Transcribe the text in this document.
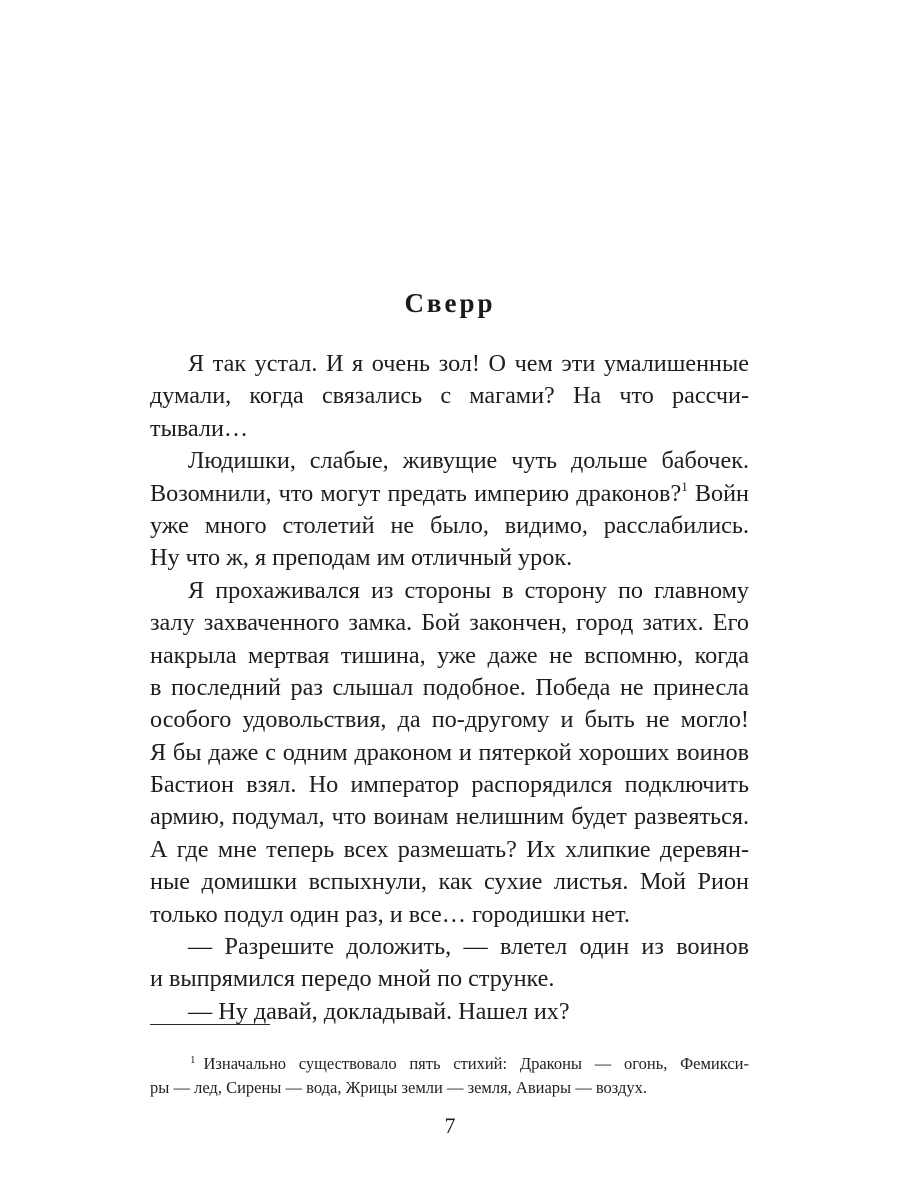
Сверр
Я так устал. И я очень зол! О чем эти умалишенные
думали, когда связались с магами? На что рассчи-
тывали…
Людишки, слабые, живущие чуть дольше бабочек.
Возомнили, что могут предать империю драконов?$^1$ Войн
уже много столетий не было, видимо, расслабились.
Ну что ж, я преподам им отличный урок.
Я прохаживался из стороны в сторону по главному
залу захваченного замка. Бой закончен, город затих. Его
накрыла мертвая тишина, уже даже не вспомню, когда
в последний раз слышал подобное. Победа не принесла
особого удовольствия, да по-другому и быть не могло!
Я бы даже с одним драконом и пятеркой хороших воинов
Бастион взял. Но император распорядился подключить
армию, подумал, что воинам нелишним будет развеяться.
А где мне теперь всех размешать? Их хлипкие деревян-
ные домишки вспыхнули, как сухие листья. Мой Рион
только подул один раз, и все… городишки нет.
— Разрешите доложить, — влетел один из воинов
и выпрямился передо мной по струнке.
— Ну давай, докладывай. Нашел их?
$^1$ Изначально существовало пять стихий: Драконы — огонь, Фемикси-
ры — лед, Сирены — вода, Жрицы земли — земля, Авиары — воздух.
7
